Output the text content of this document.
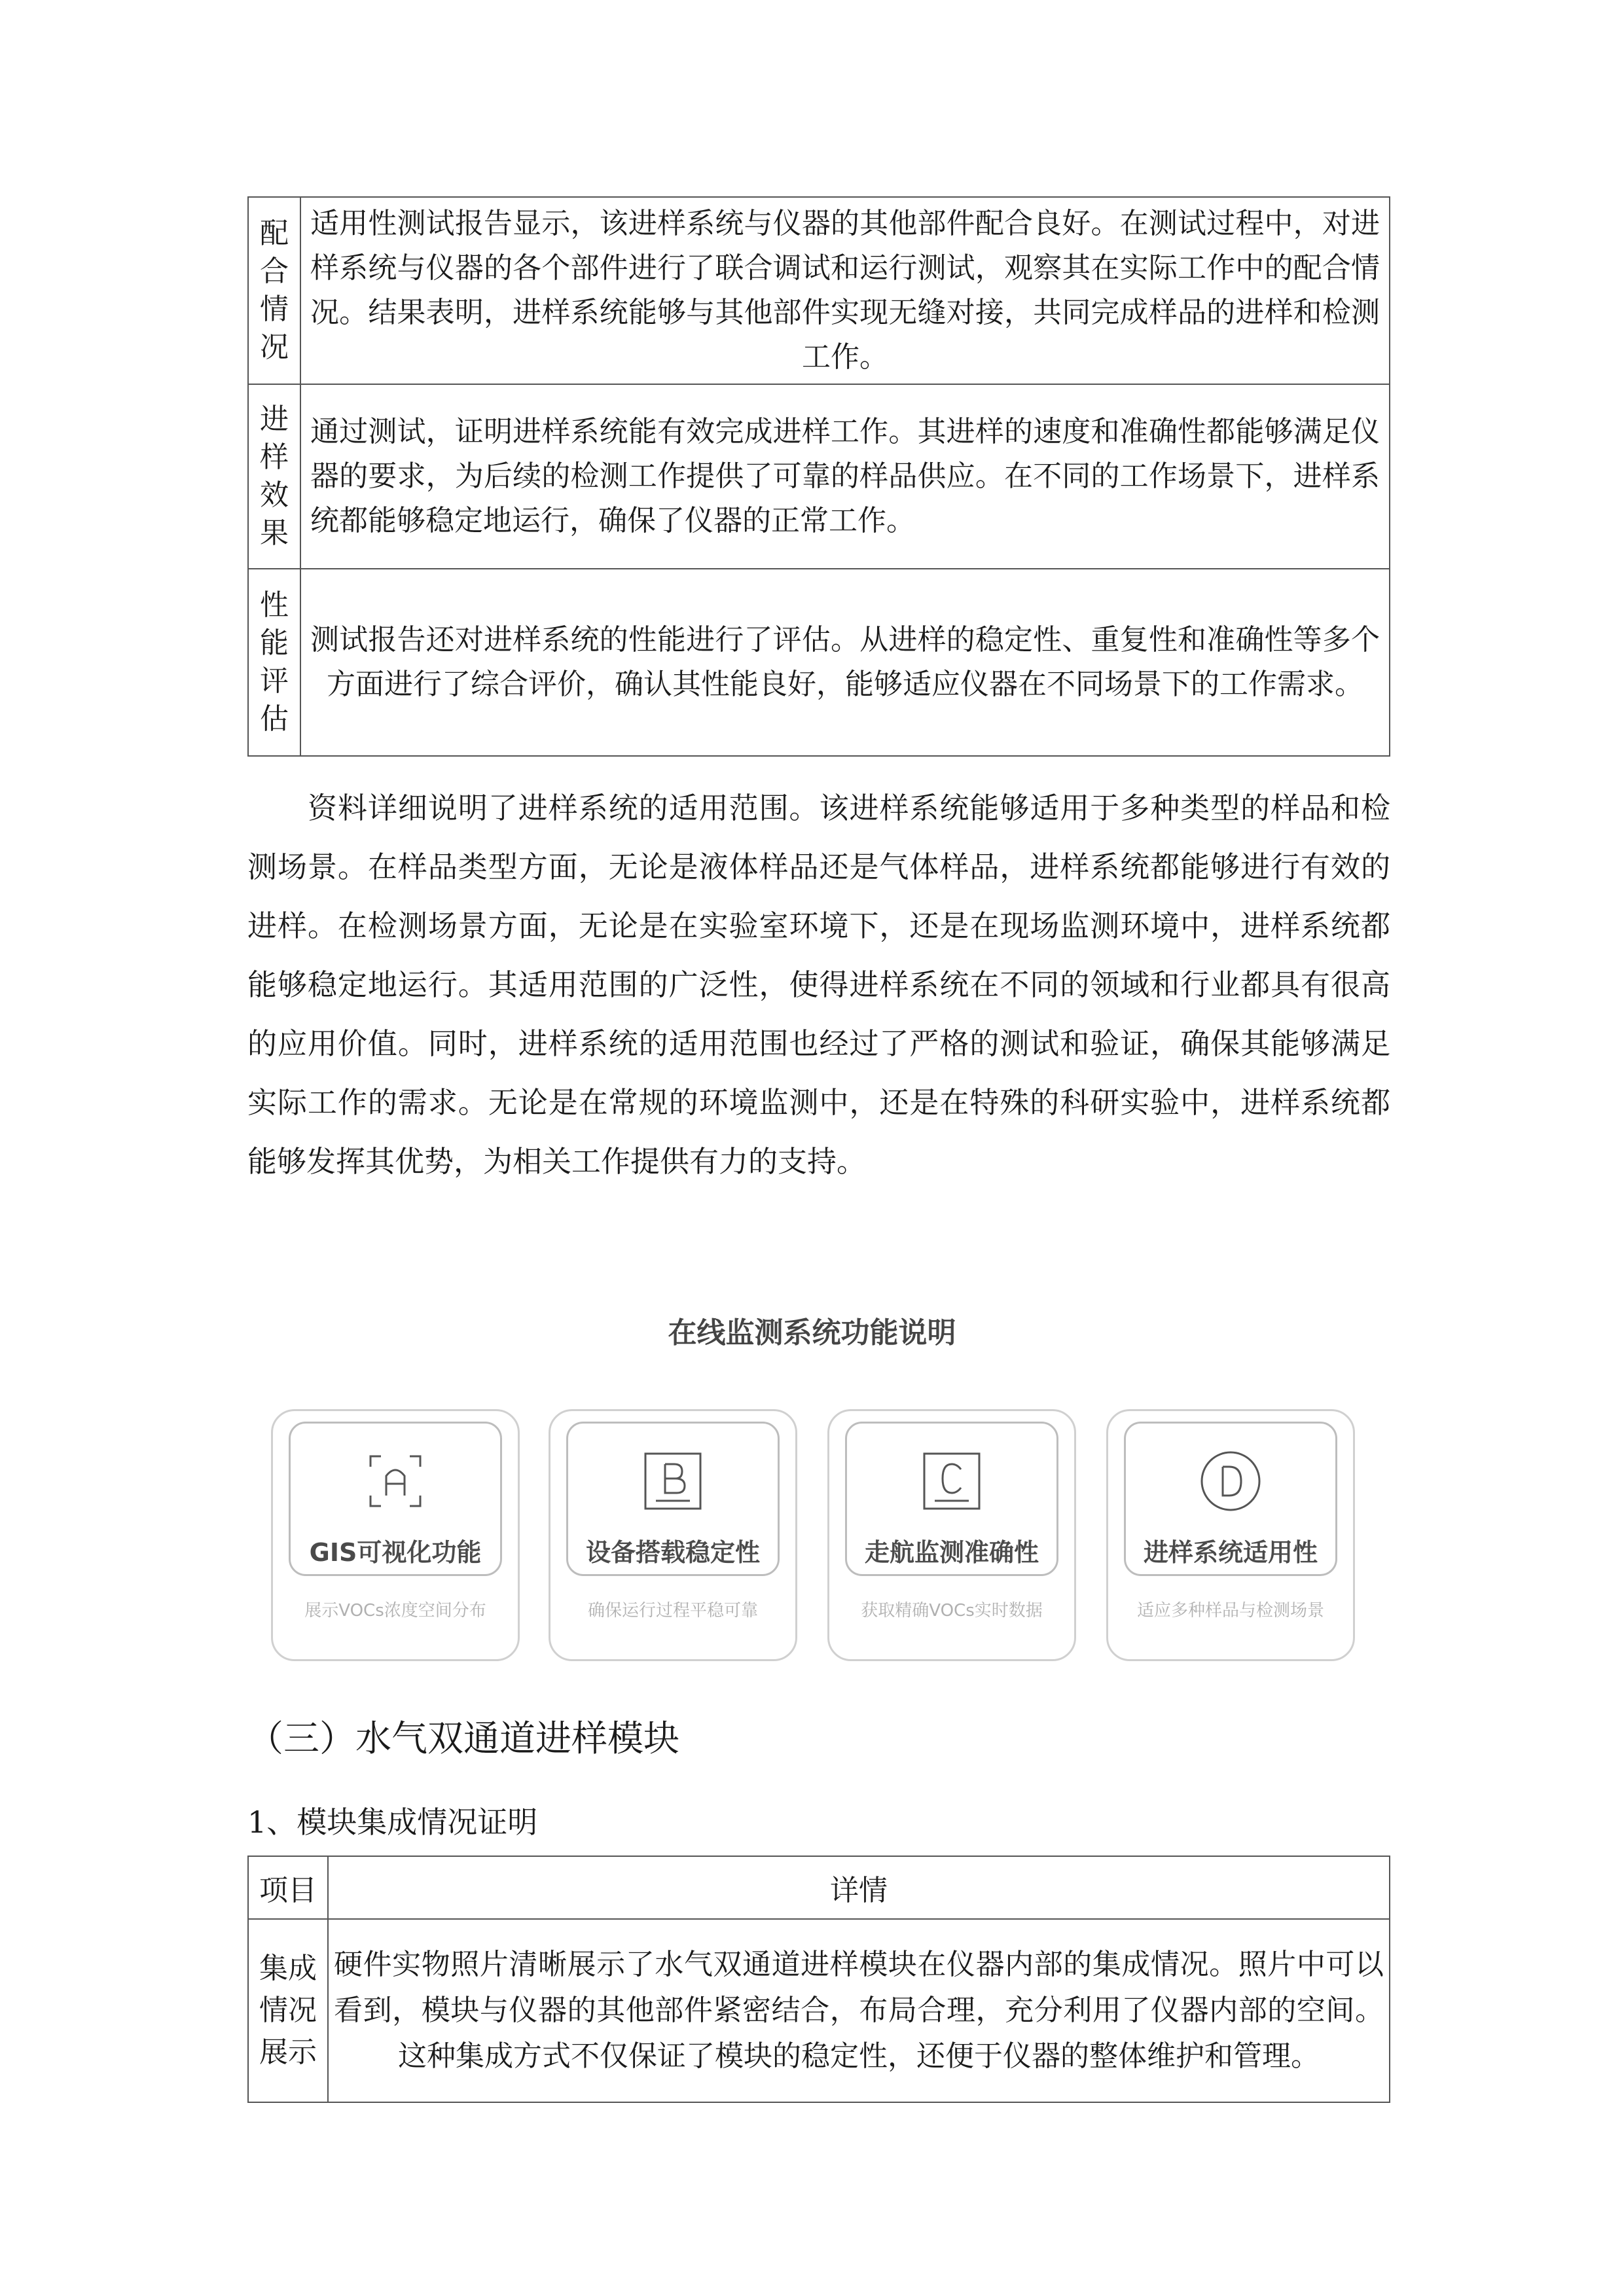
配
合
情
况	适用性测试报告显示，该进样系统与仪器的其他部件配合良好。在测试过程中，对进样系统与仪器的各个部件进行了联合调试和运行测试，观察其在实际工作中的配合情况。结果表明，进样系统能够与其他部件实现无缝对接，共同完成样品的进样和检测工作。

进
样
效
果	通过测试，证明进样系统能有效完成进样工作。其进样的速度和准确性都能够满足仪器的要求，为后续的检测工作提供了可靠的样品供应。在不同的工作场景下，进样系统都能够稳定地运行，确保了仪器的正常工作。

性
能
评
估	测试报告还对进样系统的性能进行了评估。从进样的稳定性、重复性和准确性等多个方面进行了综合评价，确认其性能良好，能够适应仪器在不同场景下的工作需求。

资料详细说明了进样系统的适用范围。该进样系统能够适用于多种类型的样品和检测场景。在样品类型方面，无论是液体样品还是气体样品，进样系统都能够进行有效的进样。在检测场景方面，无论是在实验室环境下，还是在现场监测环境中，进样系统都能够稳定地运行。其适用范围的广泛性，使得进样系统在不同的领域和行业都具有很高的应用价值。同时，进样系统的适用范围也经过了严格的测试和验证，确保其能够满足实际工作的需求。无论是在常规的环境监测中，还是在特殊的科研实验中，进样系统都能够发挥其优势，为相关工作提供有力的支持。

在线监测系统功能说明
GIS可视化功能
展示VOCs浓度空间分布
设备搭载稳定性
确保运行过程平稳可靠
走航监测准确性
获取精确VOCs实时数据
进样系统适用性
适应多种样品与检测场景
（三）水气双通道进样模块
1、模块集成情况证明
项目	详情

集成
情况
展示	硬件实物照片清晰展示了水气双通道进样模块在仪器内部的集成情况。照片中可以看到，模块与仪器的其他部件紧密结合，布局合理，充分利用了仪器内部的空间。这种集成方式不仅保证了模块的稳定性，还便于仪器的整体维护和管理。
